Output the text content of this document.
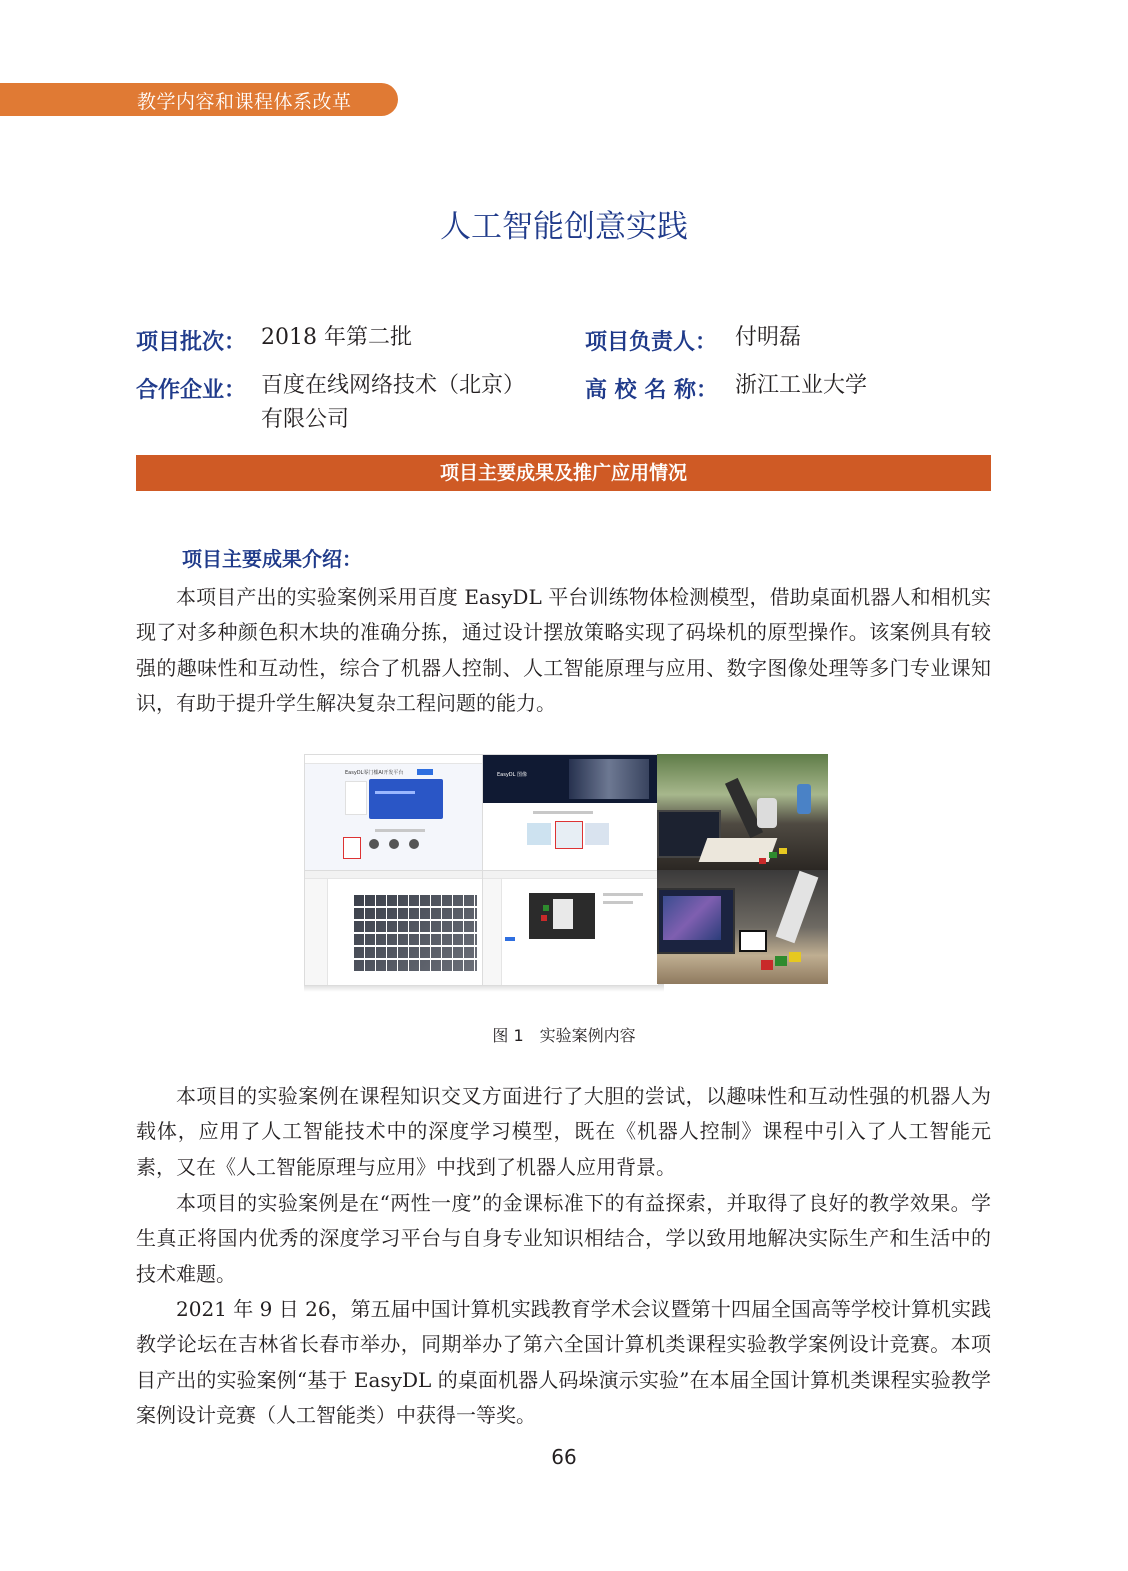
教学内容和课程体系改革
人工智能创意实践
项目批次： 2018 年第二批	项目负责人： 付明磊
合作企业： 百度在线网络技术（北京）
有限公司
高 校 名 称： 浙江工业大学
项目主要成果及推广应用情况
项目主要成果介绍：

本项目产出的实验案例采用百度 EasyDL 平台训练物体检测模型，借助桌面机器人和相机实现了对多种颜色积木块的准确分拣，通过设计摆放策略实现了码垛机的原型操作。该案例具有较强的趣味性和互动性，综合了机器人控制、人工智能原理与应用、数字图像处理等多门专业课知识，有助于提升学生解决复杂工程问题的能力。

EasyDL零门槛AI开发平台	EasyDL 图像
图 1　实验案例内容

本项目的实验案例在课程知识交叉方面进行了大胆的尝试，以趣味性和互动性强的机器人为载体，应用了人工智能技术中的深度学习模型，既在《机器人控制》课程中引入了人工智能元素，又在《人工智能原理与应用》中找到了机器人应用背景。

本项目的实验案例是在“两性一度”的金课标准下的有益探索，并取得了良好的教学效果。学生真正将国内优秀的深度学习平台与自身专业知识相结合，学以致用地解决实际生产和生活中的技术难题。

2021 年 9 日 26，第五届中国计算机实践教育学术会议暨第十四届全国高等学校计算机实践教学论坛在吉林省长春市举办，同期举办了第六全国计算机类课程实验教学案例设计竞赛。本项目产出的实验案例“基于 EasyDL 的桌面机器人码垛演示实验”在本届全国计算机类课程实验教学案例设计竞赛（人工智能类）中获得一等奖。

66
